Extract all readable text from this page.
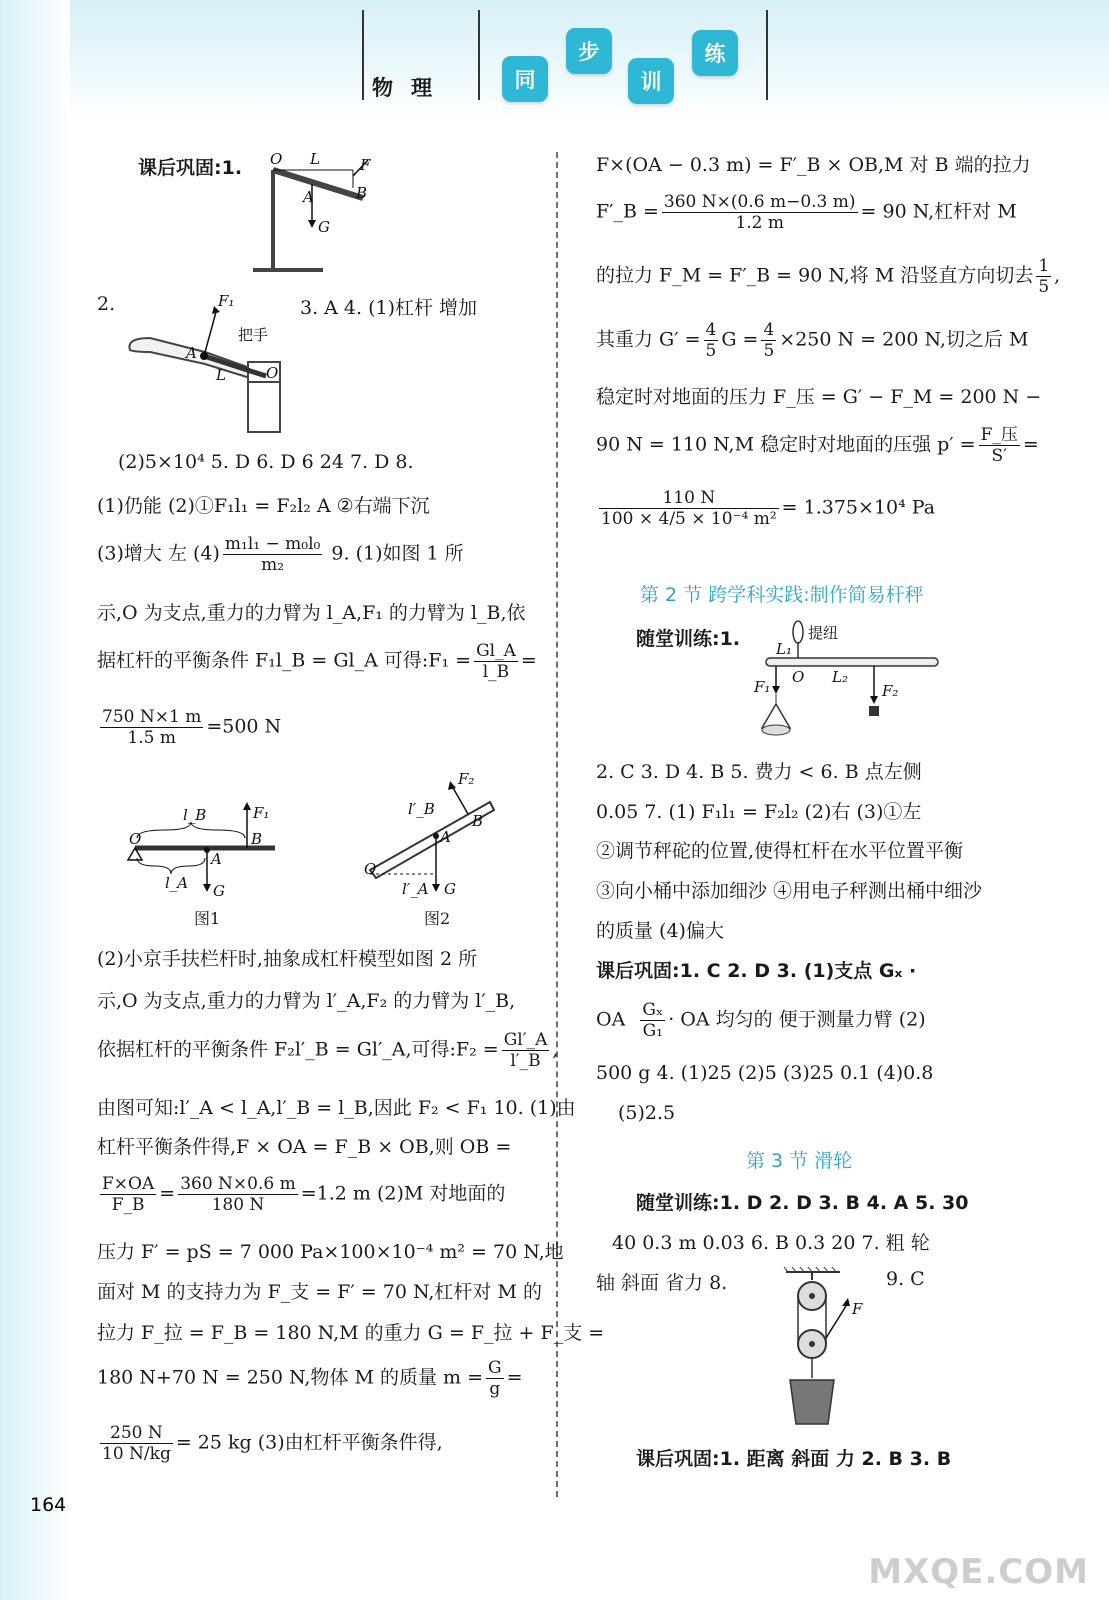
物理	同
步
训
练
课后巩固:1. O L	F
B
A
G
2.	3. A 4. (1)杠杆 增加
F₁
把手
A
L	O
(2)5×10⁴ 5. D 6. D 6 24 7. D 8.
(1)仍能 (2)①F₁l₁ = F₂l₂ A ②右端下沉
(3)增大 左 $(4) \frac{\text{m₁l₁ − m₀l₀}}{\text{m₂}} 9$. (1)如图 1 所
示,O 为支点,重力的力臂为 l_A,F₁ 的力臂为 l_B,依
据杠杆的平衡条件 F₁l_B = Gl_A 可得:F₁ = $\frac{Gl\_A}{l\_B}$ =
$\frac{750 N\times 1 m}{1.5 m} =500$ N
O
l_B	F₁
B
A
l_A G
图1
F₂
l′_B
B
A
O
l′_A G
图2
(2)小京手扶栏杆时,抽象成杠杆模型如图 2 所
示,O 为支点,重力的力臂为 l′_A,F₂ 的力臂为 l′_B,
依据杠杆的平衡条件 F₂l′_B = Gl′_A,可得:F₂ = $\frac{Gl'\_A}{l'\_B}$ ,
由图可知:l′_A < l_A,l′_B = l_B,因此 F₂ < F₁ 10. (1)由
杠杆平衡条件得,F × OA = F_B × OB,则 OB =
$\frac{F\times OA}{F\_B} = \frac{360 N\times 0.6 m}{180 N} =1.2$ m (2)M 对地面的
压力 F′ = pS = 7 000 Pa×100×10⁻⁴ m² = 70 N,地
面对 M 的支持力为 F_支 = F′ = 70 N,杠杆对 M 的
拉力 F_拉 = F_B = 180 N,M 的重力 G = F_拉 + F_支 =
180 N+70 N = 250 N,物体 M 的质量 $m = \frac{G}{g}$ =
$\frac{250 N}{10 N/kg} = 25$ kg (3)由杠杆平衡条件得,
F×(OA − 0.3 m) = F′_B × OB,M 对 B 端的拉力
F′_B = $\frac{360 N\times(0.6 m-0.3 m)}{1.2 m} = 90$ N,杠杆对 M
的拉力 F_M = F′_B = 90 N,将 M 沿竖直方向切去 $\frac{1}{5}$ ,
其重力 $G' = \frac{4}{5}$ $G = \frac{4}{5} \times 250$ N = 200 N,切之后 M
稳定时对地面的压力 F_压 = G′ − F_M = 200 N −
90 N = 110 N,M 稳定时对地面的压强 $p' = \frac{\text{F\_压}}{S'}$ =
$\frac{110 N}{\text{100 × 4/5 × 10⁻⁴ m²}} = 1.375\times 10^4$ Pa
第 2 节 跨学科实践:制作简易杆秤
随堂训练:1.	提纽
L₁
O L₂
F₁	F₂
2. C 3. D 4. B 5. 费力 < 6. B 点左侧
0.05 7. (1) F₁l₁ = F₂l₂ (2)右 (3)①左
②调节秤砣的位置,使得杠杆在水平位置平衡
③向小桶中添加细沙 ④用电子秤测出桶中细沙
的质量 (4)偏大
课后巩固:1. C 2. D 3. (1)支点 Gₓ ·
OA $\frac{\text{Gₓ}}{\text{G₁}}$ · OA 均匀的 便于测量力臂 (2)
500 g 4. (1)25 (2)5 (3)25 0.1 (4)0.8
(5)2.5
第 3 节 滑轮
随堂训练:1. D 2. D 3. B 4. A 5. 30
40 0.3 m 0.03 6. B 0.3 20 7. 粗 轮
轴 斜面 省力 8.	9. C
F
课后巩固:1. 距离 斜面 力 2. B 3. B
164
MXQE.COM
